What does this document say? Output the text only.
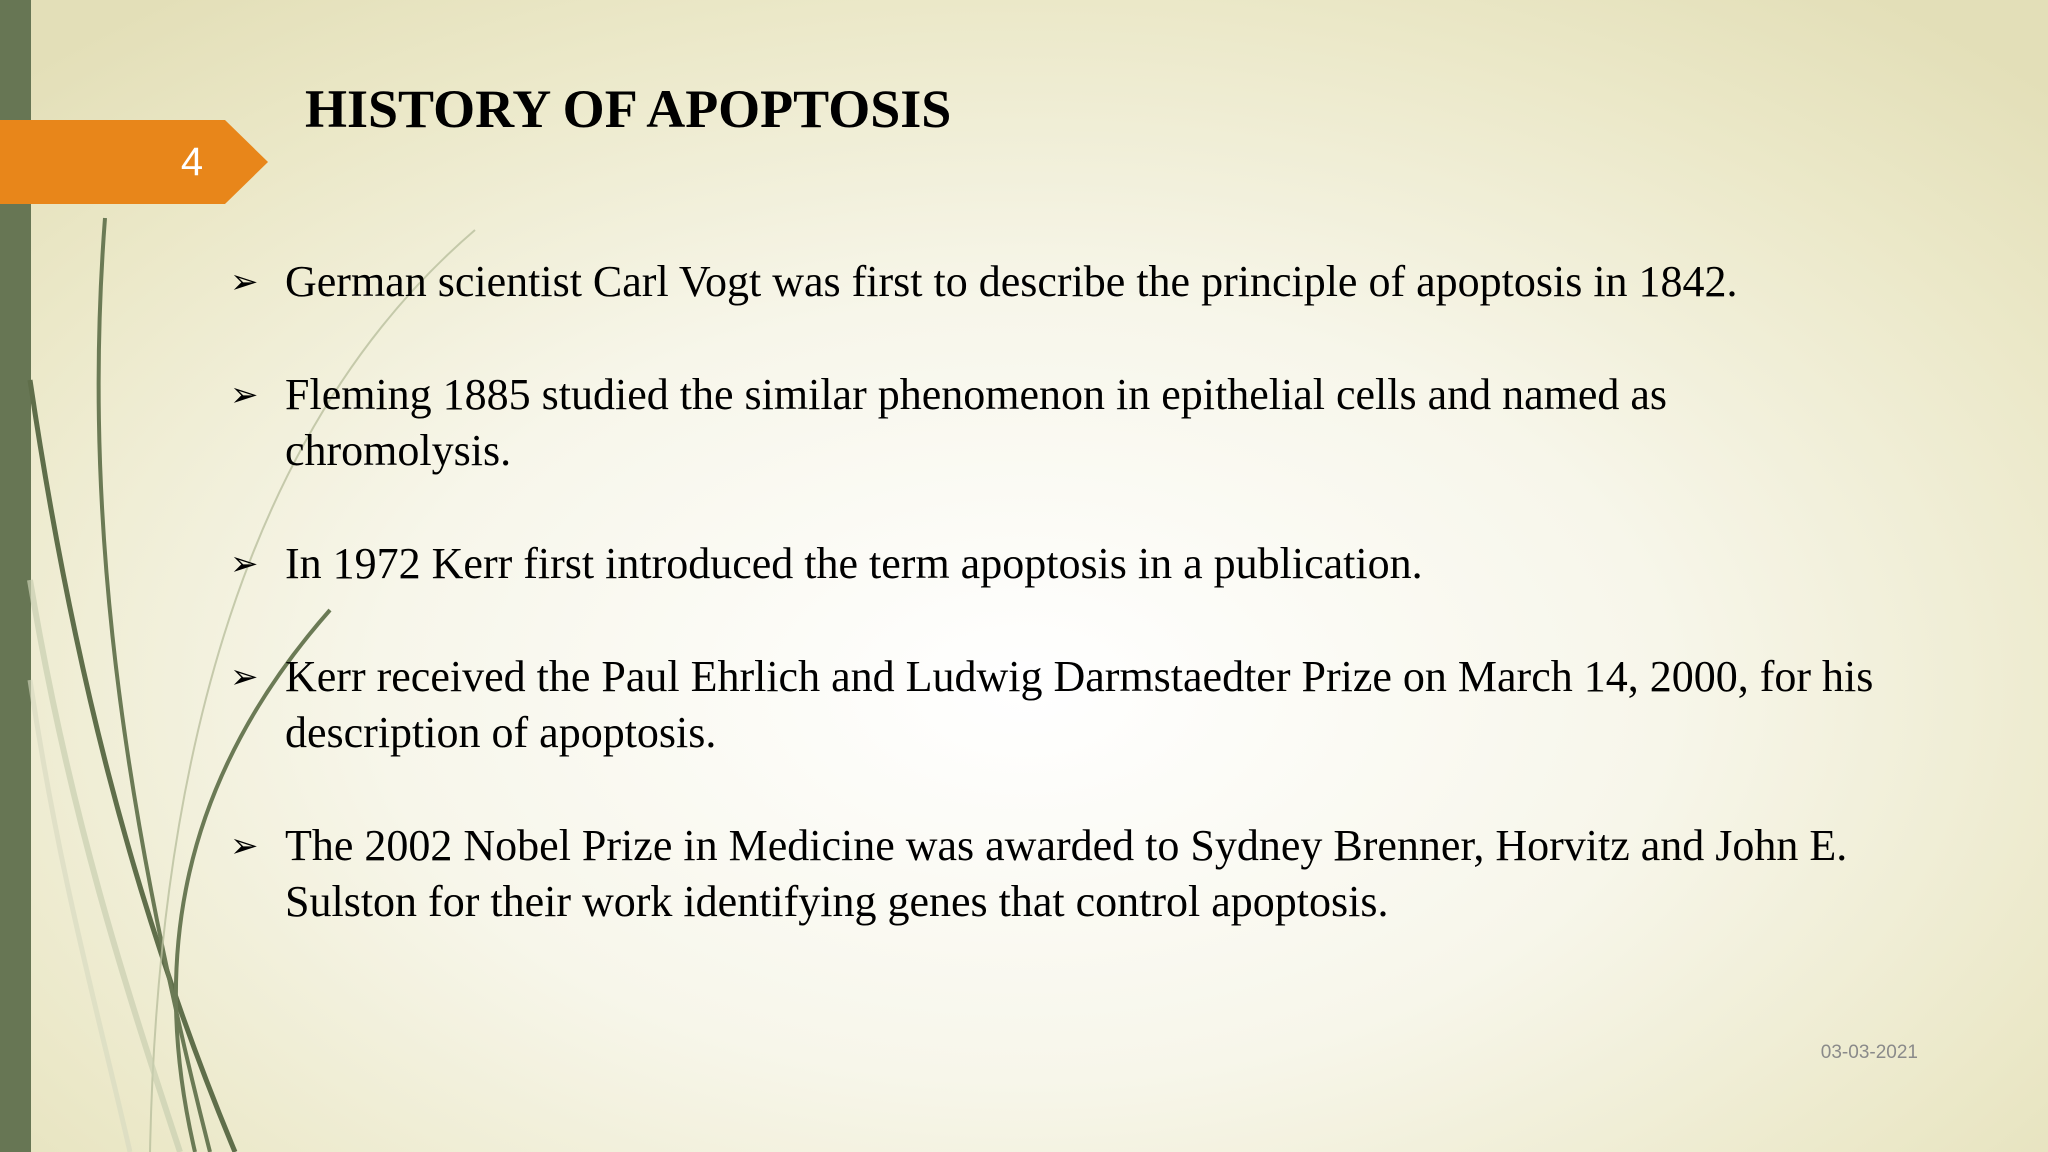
4
HISTORY OF APOPTOSIS
➢ German scientist Carl Vogt was first to describe the principle of apoptosis in 1842.
➢ Fleming 1885 studied the similar phenomenon in epithelial cells and named as chromolysis.
➢ In 1972 Kerr first introduced the term apoptosis in a publication.
➢ Kerr received the Paul Ehrlich and Ludwig Darmstaedter Prize on March 14, 2000, for his description of apoptosis.
➢ The 2002 Nobel Prize in Medicine was awarded to Sydney Brenner, Horvitz and John E. Sulston for their work identifying genes that control apoptosis.
03-03-2021
